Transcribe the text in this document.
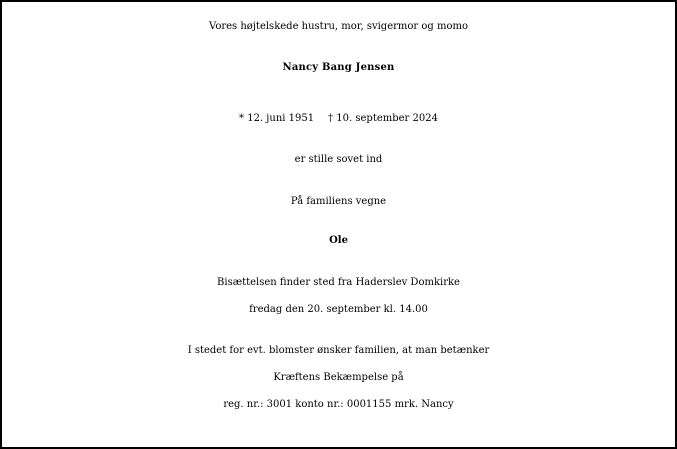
Vores højtelskede hustru, mor, svigermor og momo
Nancy Bang Jensen
* 12. juni 1951 † 10. september 2024
er stille sovet ind
På familiens vegne
Ole
Bisættelsen finder sted fra Haderslev Domkirke
fredag den 20. september kl. 14.00
I stedet for evt. blomster ønsker familien, at man betænker
Kræftens Bekæmpelse på
reg. nr.: 3001 konto nr.: 0001155 mrk. Nancy
